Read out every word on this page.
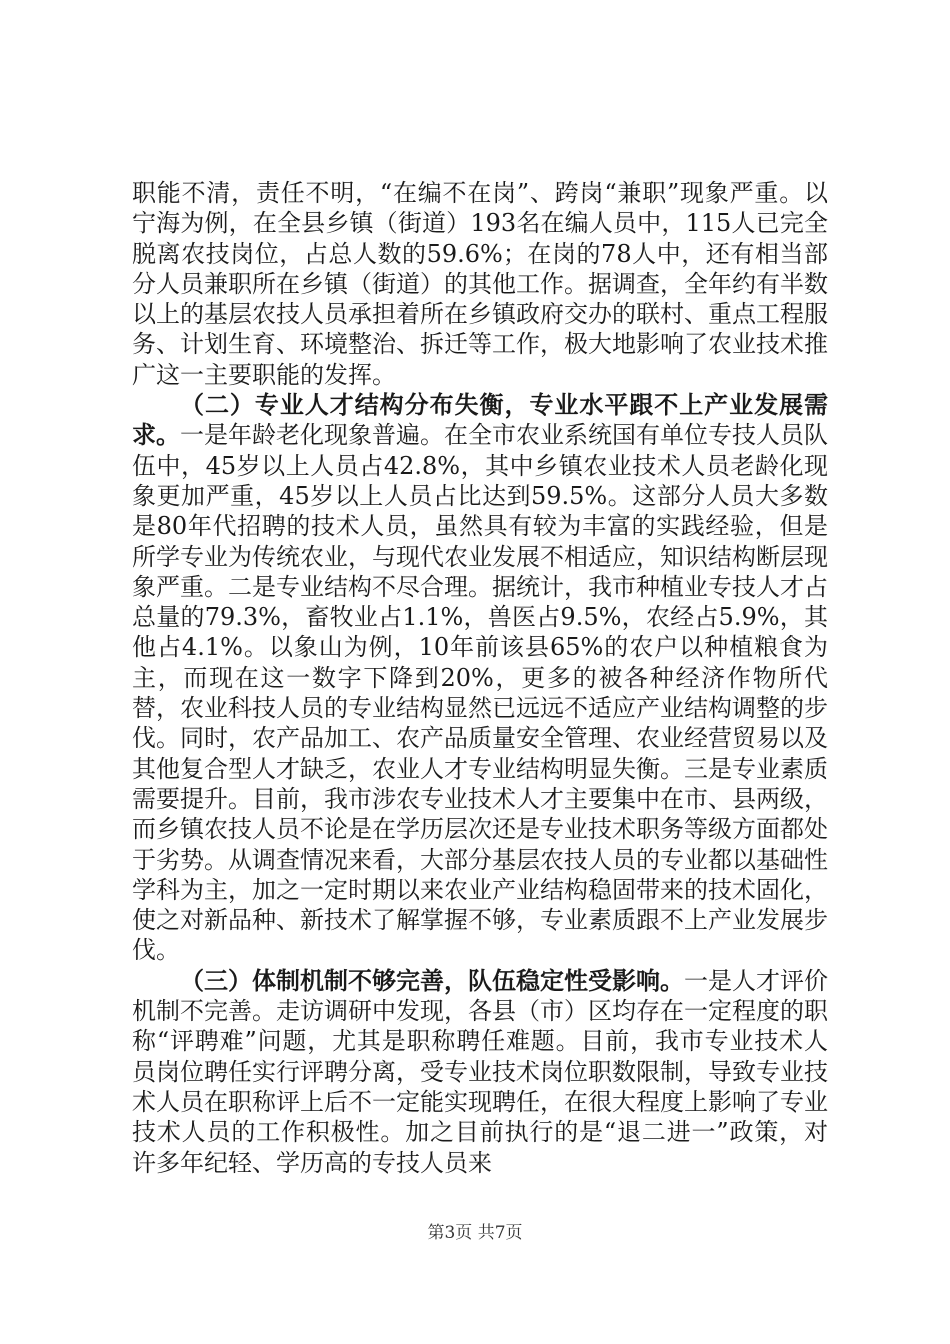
职能不清，责任不明，“在编不在岗”、跨岗“兼职”现象严重。以宁海为例，在全县乡镇（街道）193名在编人员中，115人已完全脱离农技岗位，占总人数的59.6%；在岗的78人中，还有相当部分人员兼职所在乡镇（街道）的其他工作。据调查，全年约有半数以上的基层农技人员承担着所在乡镇政府交办的联村、重点工程服务、计划生育、环境整治、拆迁等工作，极大地影响了农业技术推广这一主要职能的发挥。

（二）专业人才结构分布失衡，专业水平跟不上产业发展需求。一是年龄老化现象普遍。在全市农业系统国有单位专技人员队伍中，45岁以上人员占42.8%，其中乡镇农业技术人员老龄化现象更加严重，45岁以上人员占比达到59.5%。这部分人员大多数是80年代招聘的技术人员，虽然具有较为丰富的实践经验，但是所学专业为传统农业，与现代农业发展不相适应，知识结构断层现象严重。二是专业结构不尽合理。据统计，我市种植业专技人才占总量的79.3%，畜牧业占1.1%，兽医占9.5%，农经占5.9%，其他占4.1%。以象山为例，10年前该县65%的农户以种植粮食为主，而现在这一数字下降到20%，更多的被各种经济作物所代替，农业科技人员的专业结构显然已远远不适应产业结构调整的步伐。同时，农产品加工、农产品质量安全管理、农业经营贸易以及其他复合型人才缺乏，农业人才专业结构明显失衡。三是专业素质需要提升。目前，我市涉农专业技术人才主要集中在市、县两级，而乡镇农技人员不论是在学历层次还是专业技术职务等级方面都处于劣势。从调查情况来看，大部分基层农技人员的专业都以基础性学科为主，加之一定时期以来农业产业结构稳固带来的技术固化，使之对新品种、新技术了解掌握不够，专业素质跟不上产业发展步伐。

（三）体制机制不够完善，队伍稳定性受影响。一是人才评价机制不完善。走访调研中发现，各县（市）区均存在一定程度的职称“评聘难”问题，尤其是职称聘任难题。目前，我市专业技术人员岗位聘任实行评聘分离，受专业技术岗位职数限制，导致专业技术人员在职称评上后不一定能实现聘任，在很大程度上影响了专业技术人员的工作积极性。加之目前执行的是“退二进一”政策，对许多年纪轻、学历高的专技人员来

第3页 共7页
